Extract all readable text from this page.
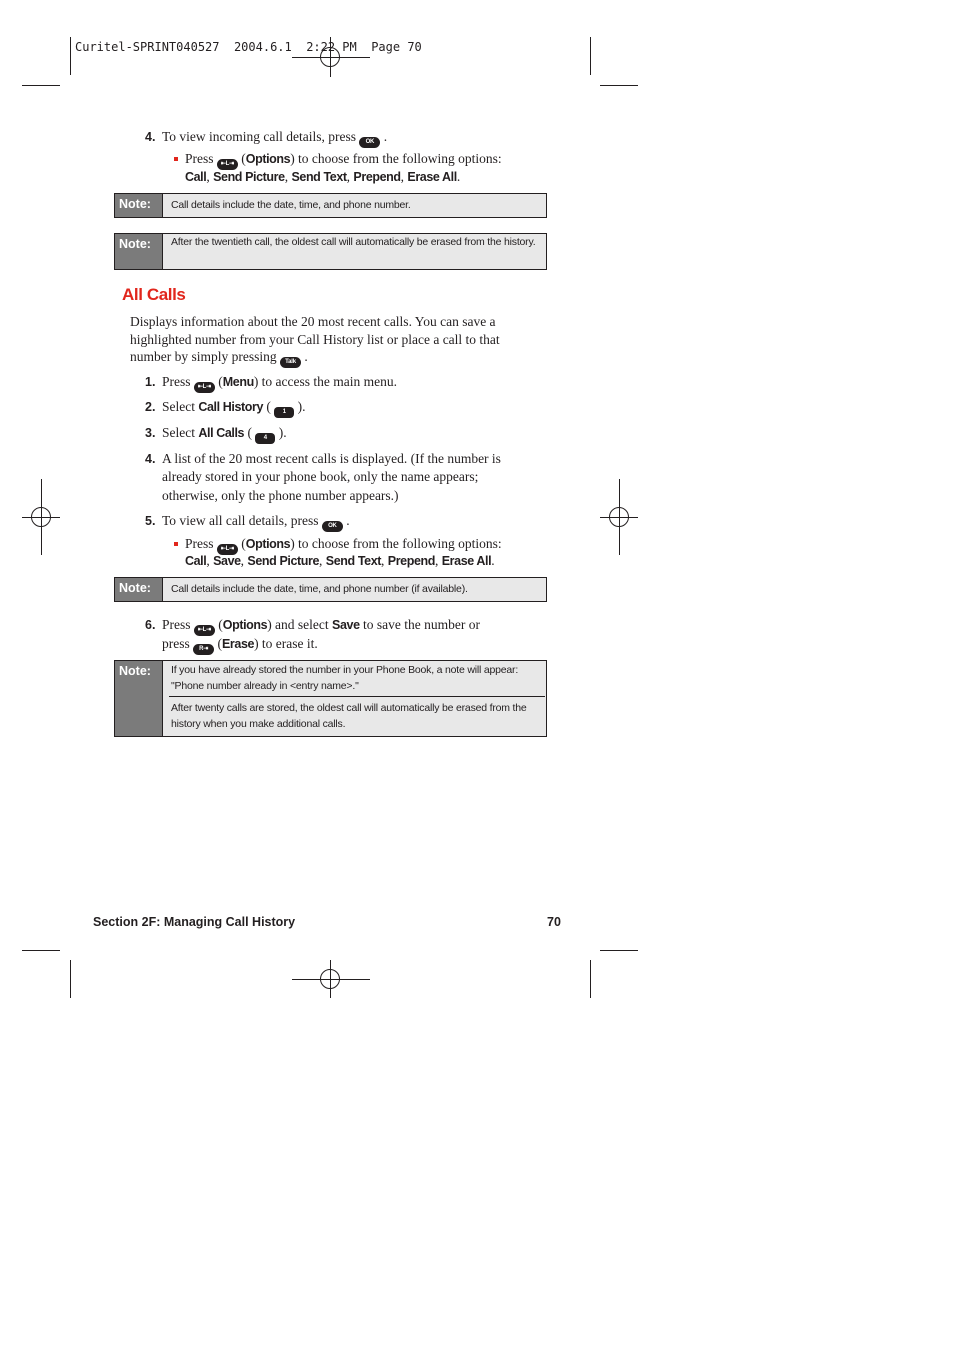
Curitel-SPRINT040527  2004.6.1  2:22 PM  Page 70
4. To view incoming call details, press OK .
Press ⇤L⇥ (Options) to choose from the following options:
Call, Send Picture, Send Text, Prepend, Erase All.
Note:	Call details include the date, time, and phone number.
Note:	After the twentieth call, the oldest call will automatically be erased from the history.
All Calls
Displays information about the 20 most recent calls. You can save a
highlighted number from your Call History list or place a call to that
number by simply pressing Talk .
1. Press ⇤L⇥ (Menu) to access the main menu.
2. Select Call History ( 1 ).
3. Select All Calls ( 4 ).
4. A list of the 20 most recent calls is displayed. (If the number is
already stored in your phone book, only the name appears;
otherwise, only the phone number appears.)
5. To view all call details, press OK .
Press ⇤L⇥ (Options) to choose from the following options:
Call, Save, Send Picture, Send Text, Prepend, Erase All.
Note:	Call details include the date, time, and phone number (if available).
6. Press ⇤L⇥ (Options) and select Save to save the number or
press R⇥ (Erase) to erase it.
Note:	If you have already stored the number in your Phone Book, a note will appear: "Phone number already in <entry name>."
After twenty calls are stored, the oldest call will automatically be erased from the history when you make additional calls.
Section 2F: Managing Call History	70
